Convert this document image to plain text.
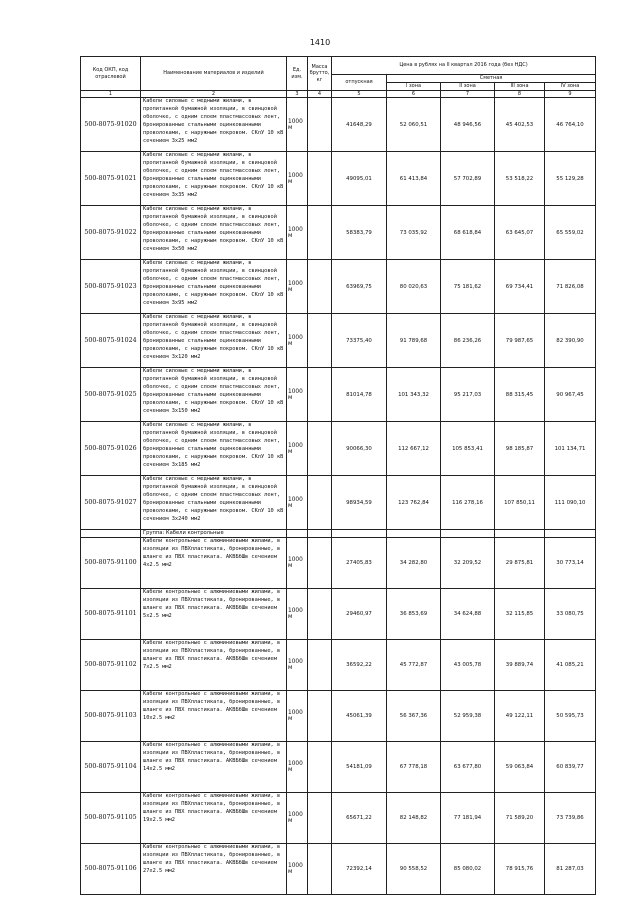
1410
Код ОКП, код отраслевой	Наименование материалов и изделий	Ед. изм.	Масса брутто, кг	Цена в рублях на II квартал 2016 года (без НДС)				
				отпускная	Сметная			
					I зона	II зона	III зона	IV зона
1	2	3	4	5	6	7	8	9
500-8075-91020	Кабели силовые с медными жилами, в пропитанной бумажной изоляции, в свинцовой оболочке, с одним слоем пластмассовых лент, бронированные стальными оцинкованными проволоками, с наружным покровом. СКлУ 10 кВ сечением 3х25 мм2	1000 м		41648,29	52 060,51	48 946,56	45 402,53	46 764,10
500-8075-91021	Кабели силовые с медными жилами, в пропитанной бумажной изоляции, в свинцовой оболочке, с одним слоем пластмассовых лент, бронированные стальными оцинкованными проволоками, с наружным покровом. СКлУ 10 кВ сечением 3х35 мм2	1000 м		49095,01	61 413,84	57 702,89	53 518,22	55 129,28
500-8075-91022	Кабели силовые с медными жилами, в пропитанной бумажной изоляции, в свинцовой оболочке, с одним слоем пластмассовых лент, бронированные стальными оцинкованными проволоками, с наружным покровом. СКлУ 10 кВ сечением 3х50 мм2	1000 м		58383,79	73 035,92	68 618,84	63 645,07	65 559,02
500-8075-91023	Кабели силовые с медными жилами, в пропитанной бумажной изоляции, в свинцовой оболочке, с одним слоем пластмассовых лент, бронированные стальными оцинкованными проволоками, с наружным покровом. СКлУ 10 кВ сечением 3х95 мм2	1000 м		63969,75	80 020,63	75 181,62	69 734,41	71 826,08
500-8075-91024	Кабели силовые с медными жилами, в пропитанной бумажной изоляции, в свинцовой оболочке, с одним слоем пластмассовых лент, бронированные стальными оцинкованными проволоками, с наружным покровом. СКлУ 10 кВ сечением 3х120 мм2	1000 м		73375,40	91 789,68	86 236,26	79 987,65	82 390,90
500-8075-91025	Кабели силовые с медными жилами, в пропитанной бумажной изоляции, в свинцовой оболочке, с одним слоем пластмассовых лент, бронированные стальными оцинкованными проволоками, с наружным покровом. СКлУ 10 кВ сечением 3х150 мм2	1000 м		81014,78	101 343,32	95 217,03	88 315,45	90 967,45
500-8075-91026	Кабели силовые с медными жилами, в пропитанной бумажной изоляции, в свинцовой оболочке, с одним слоем пластмассовых лент, бронированные стальными оцинкованными проволоками, с наружным покровом. СКлУ 10 кВ сечением 3х185 мм2	1000 м		90066,30	112 667,12	105 853,41	98 185,87	101 134,71
500-8075-91027	Кабели силовые с медными жилами, в пропитанной бумажной изоляции, в свинцовой оболочке, с одним слоем пластмассовых лент, бронированные стальными оцинкованными проволоками, с наружным покровом. СКлУ 10 кВ сечением 3х240 мм2	1000 м		98934,59	123 762,84	116 278,16	107 850,11	111 090,10
	Группа: Кабели контрольные							
500-8075-91100	Кабели контрольные с алюминиевыми жилами, в изоляции из ПВХпластиката, бронированные, в шланге из ПВХ пластиката. АКВБбШв сечением 4х2.5 мм2	1000 м		27405,83	34 282,80	32 209,52	29 875,81	30 773,14
500-8075-91101	Кабели контрольные с алюминиевыми жилами, в изоляции из ПВХпластиката, бронированные, в шланге из ПВХ пластиката. АКВБбШв сечением 5х2.5 мм2	1000 м		29460,97	36 853,69	34 624,88	32 115,85	33 080,75
500-8075-91102	Кабели контрольные с алюминиевыми жилами, в изоляции из ПВХпластиката, бронированные, в шланге из ПВХ пластиката. АКВБбШв сечением 7х2.5 мм2	1000 м		36592,22	45 772,87	43 005,78	39 889,74	41 085,21
500-8075-91103	Кабели контрольные с алюминиевыми жилами, в изоляции из ПВХпластиката, бронированные, в шланге из ПВХ пластиката. АКВБбШв сечением 10х2.5 мм2	1000 м		45061,39	56 367,36	52 959,38	49 122,11	50 595,73
500-8075-91104	Кабели контрольные с алюминиевыми жилами, в изоляции из ПВХпластиката, бронированные, в шланге из ПВХ пластиката. АКВБбШв сечением 14х2.5 мм2	1000 м		54181,09	67 778,18	63 677,80	59 063,84	60 839,77
500-8075-91105	Кабели контрольные с алюминиевыми жилами, в изоляции из ПВХпластиката, бронированные, в шланге из ПВХ пластиката. АКВБбШв сечением 19х2.5 мм2	1000 м		65671,22	82 148,82	77 181,94	71 589,20	73 739,86
500-8075-91106	Кабели контрольные с алюминиевыми жилами, в изоляции из ПВХпластиката, бронированные, в шланге из ПВХ пластиката. АКВБбШв сечением 27х2.5 мм2	1000 м		72392,14	90 558,52	85 080,02	78 915,76	81 287,03
